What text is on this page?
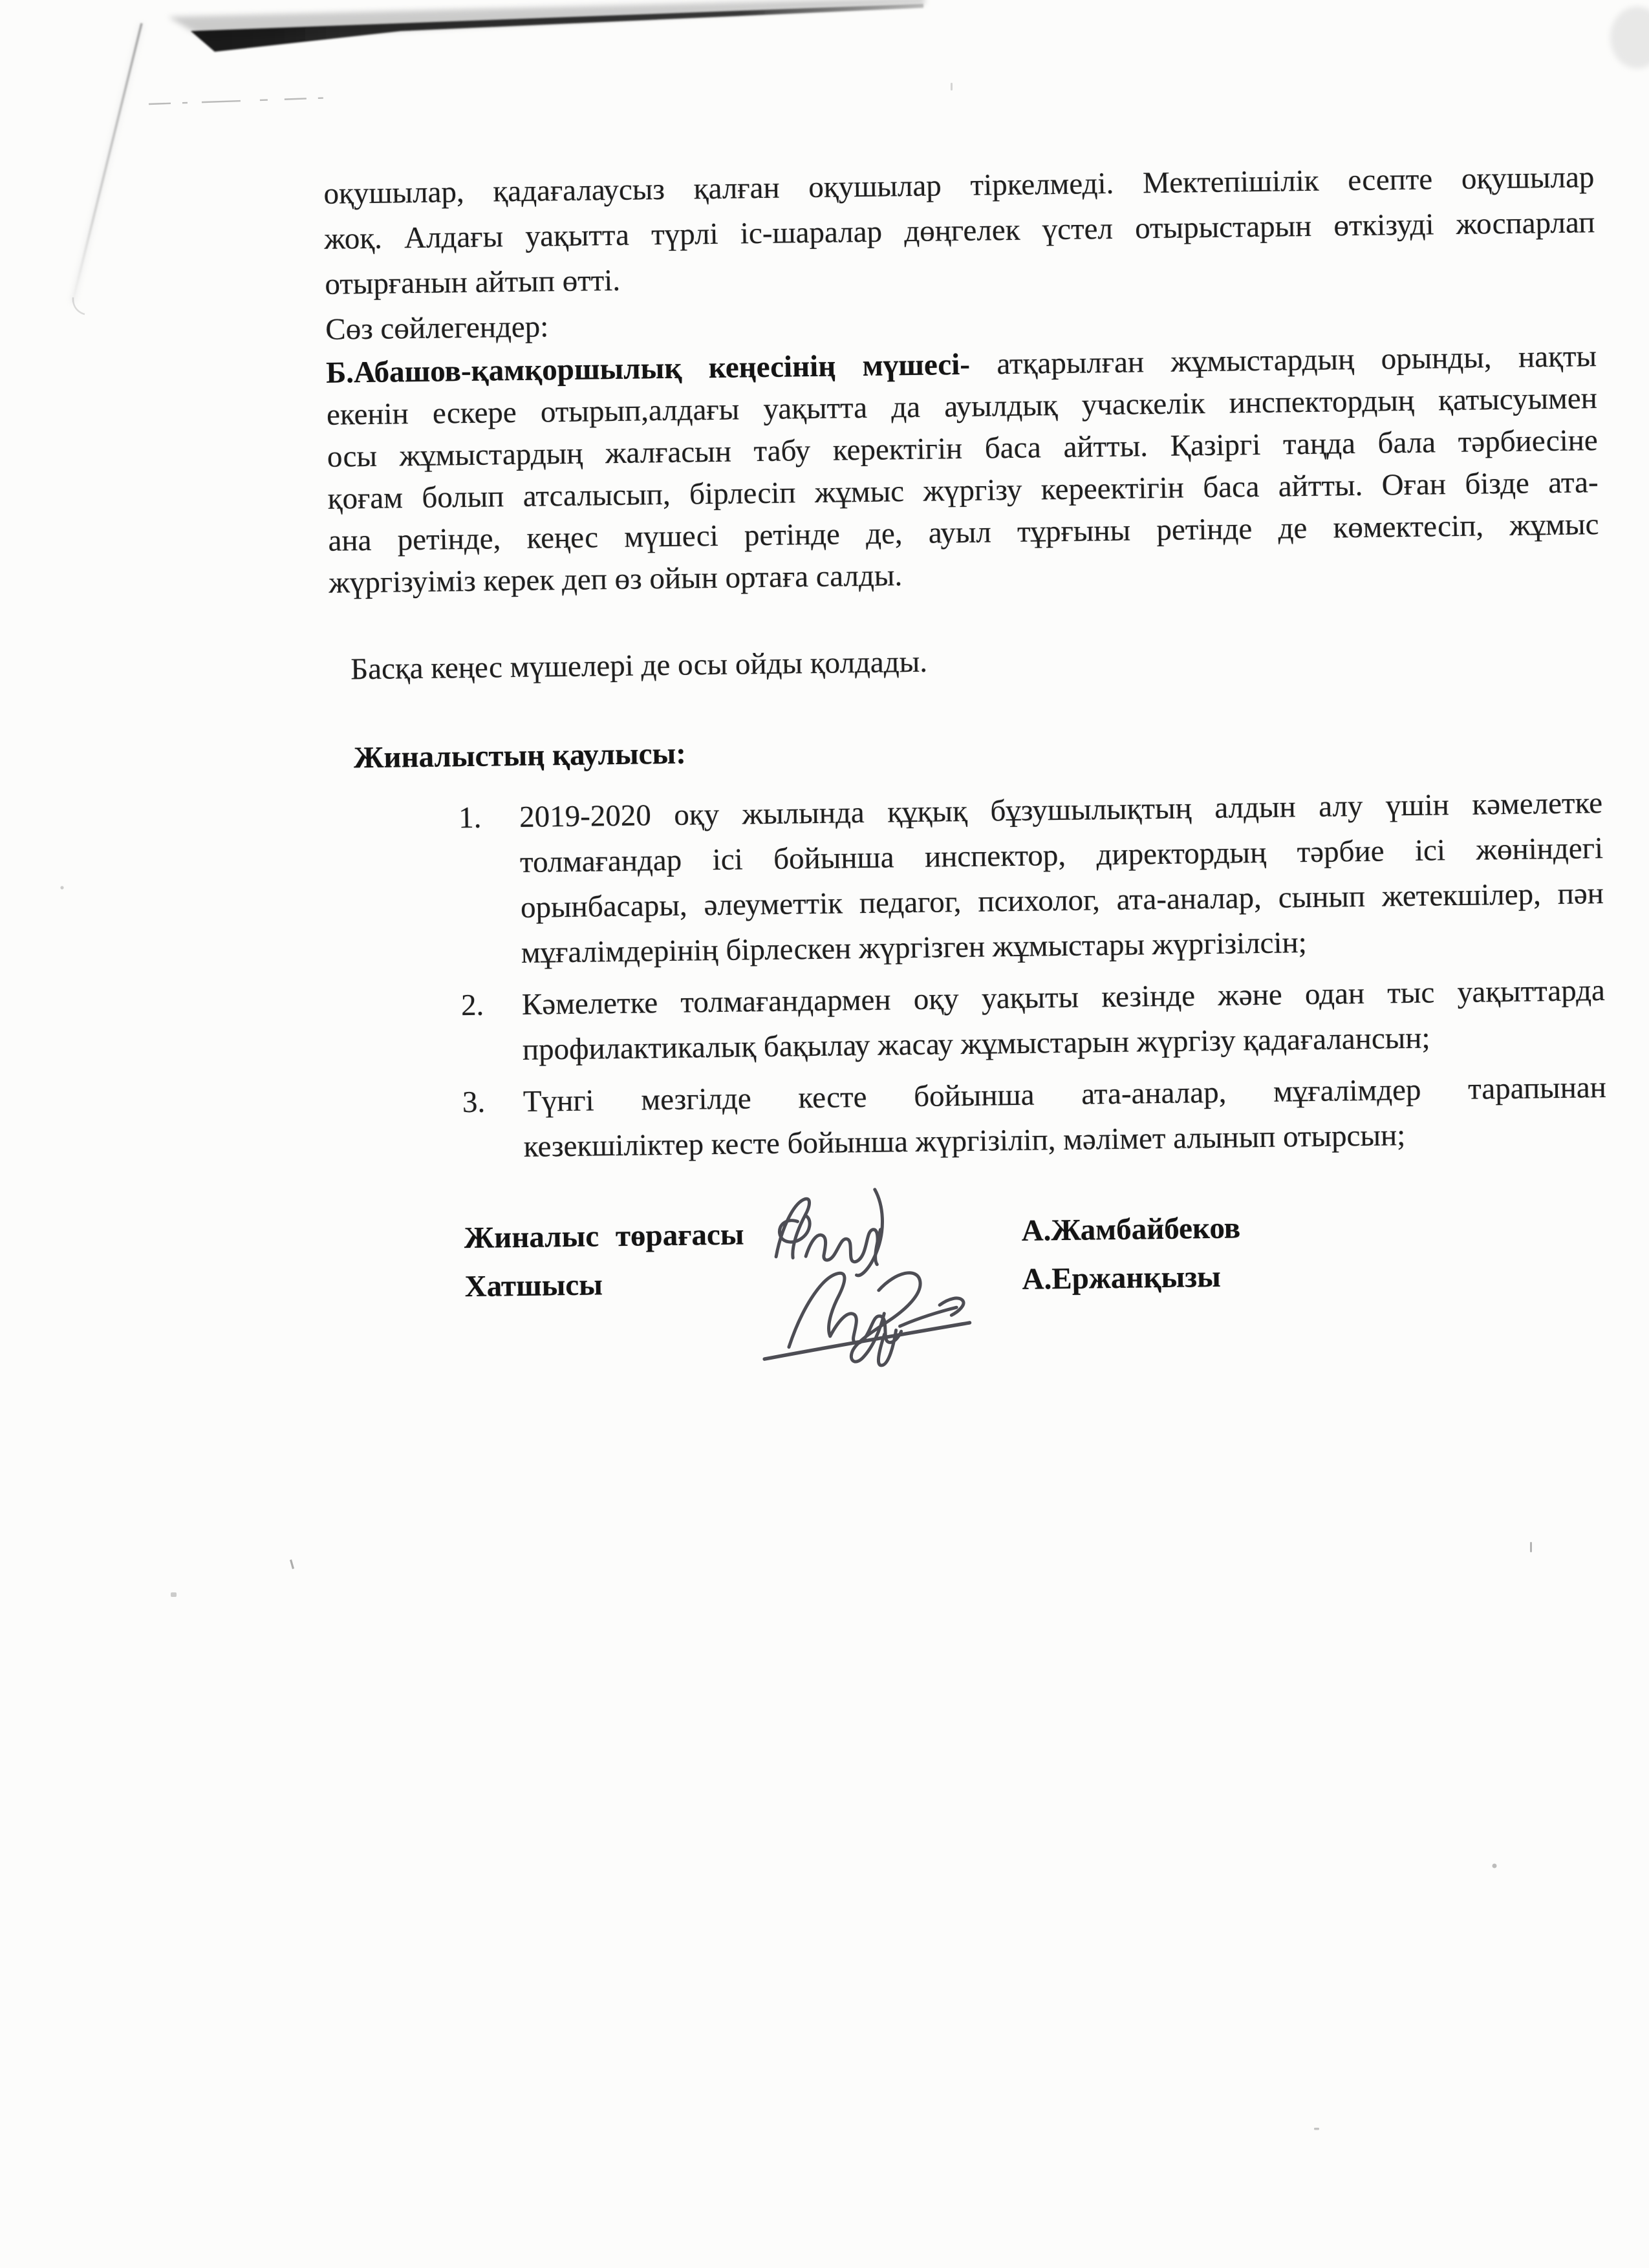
оқушылар, қадағалаусыз қалған оқушылар тіркелмеді. Мектепішілік есепте оқушылар
жоқ. Алдағы уақытта түрлі іс-шаралар дөңгелек үстел отырыстарын өткізуді жоспарлап
отырғанын айтып өтті.
Сөз сөйлегендер:
Б.Абашов-қамқоршылық кеңесінің мүшесі- атқарылған жұмыстардың орынды, нақты
екенін ескере отырып,алдағы уақытта да ауылдық учаскелік инспектордың қатысуымен
осы жұмыстардың жалғасын табу керектігін баса айтты. Қазіргі таңда бала тәрбиесіне
қоғам болып атсалысып, бірлесіп жұмыс жүргізу кереектігін баса айтты. Оған бізде ата-
ана ретінде, кеңес мүшесі ретінде де, ауыл тұрғыны ретінде де көмектесіп, жұмыс
жүргізуіміз керек деп өз ойын ортаға салды.
Басқа кеңес мүшелері де осы ойды қолдады.
Жиналыстың қаулысы:
1. 2019-2020 оқу жылында құқық бұзушылықтың алдын алу үшін кәмелетке
толмағандар ісі бойынша инспектор, директордың тәрбие ісі жөніндегі
орынбасары, әлеуметтік педагог, психолог, ата-аналар, сынып жетекшілер, пән
мұғалімдерінің бірлескен жүргізген жұмыстары жүргізілсін;
2. Кәмелетке толмағандармен оқу уақыты кезінде және одан тыс уақыттарда
профилактикалық бақылау жасау жұмыстарын жүргізу қадағалансын;
3. Түнгі мезгілде кесте бойынша ата-аналар, мұғалімдер тарапынан
кезекшіліктер кесте бойынша жүргізіліп, мәлімет алынып отырсын;
Жиналыс төрағасы	А.Жамбайбеков
Хатшысы	А.Ержанқызы
